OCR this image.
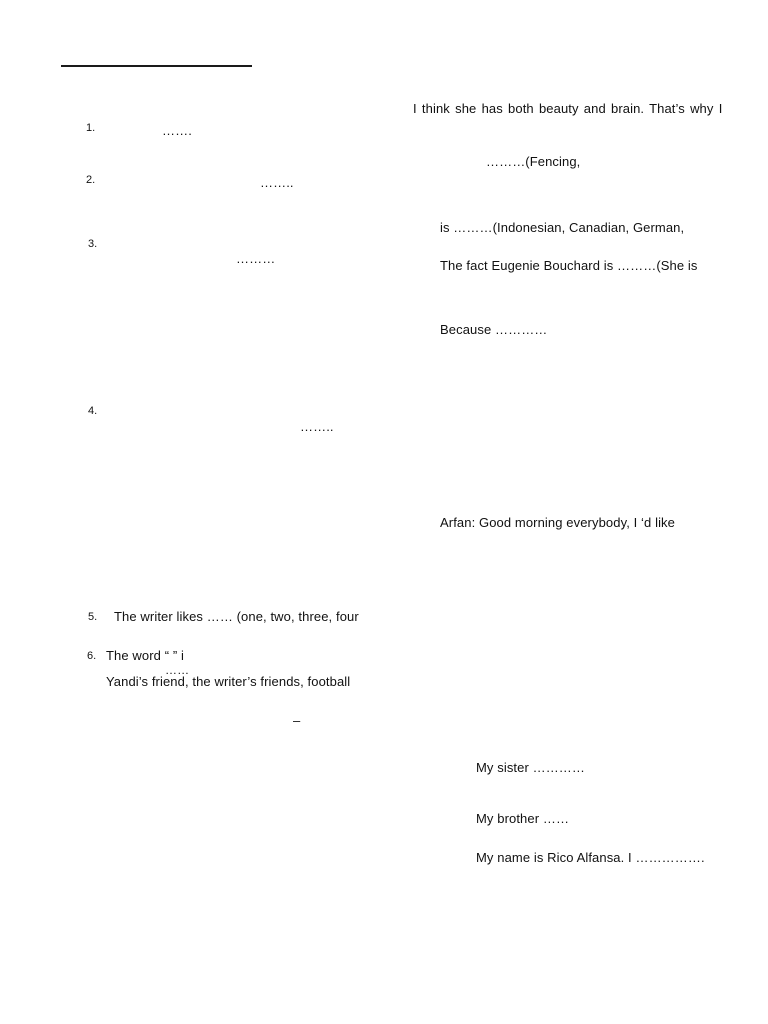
1.	…….
2.	……..
3.
………
4.
……..
5. The writer likes …… (one, two, three, four
6. The word “ ” i
……
Yandi’s friend, the writer’s friends, football
–
I think she has both beauty and brain. That’s why I
………(Fencing,
is ………(Indonesian, Canadian, German,
The fact Eugenie Bouchard is ………(She is
Because …………
Arfan: Good morning everybody, I ‘d like
My sister …………
My brother ……
My name is Rico Alfansa. I …………….
